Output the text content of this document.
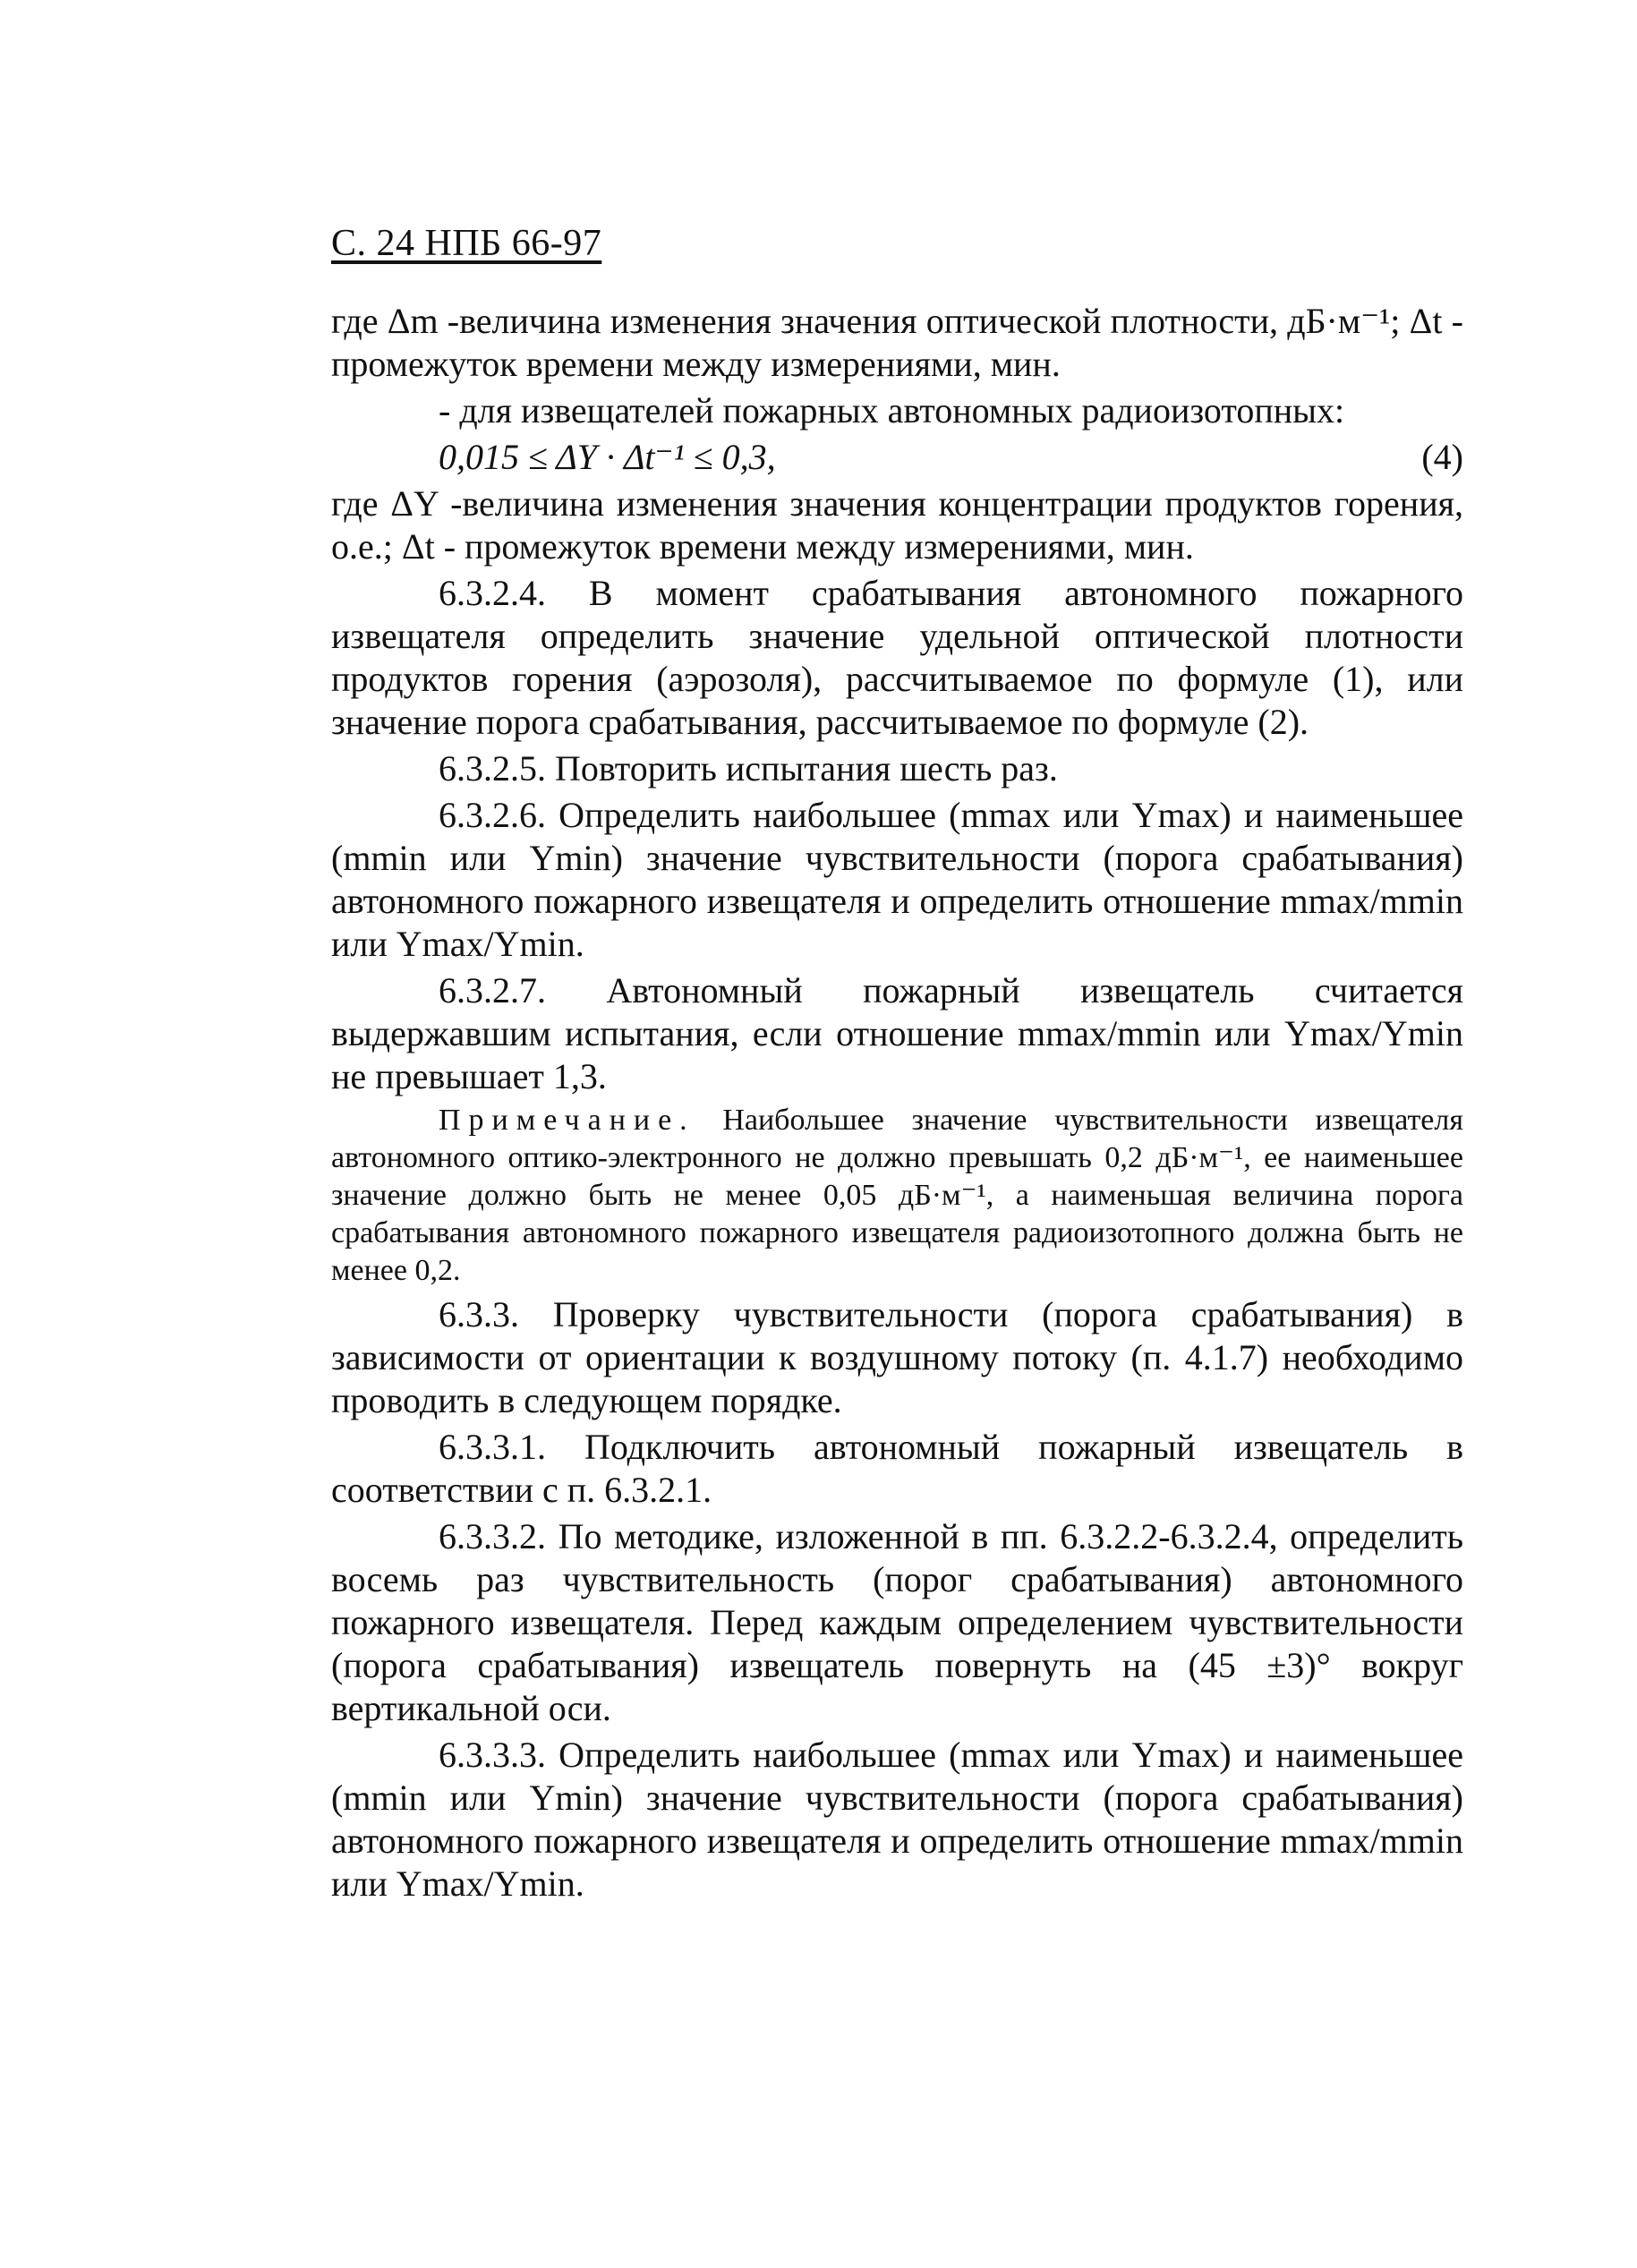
С. 24 НПБ 66-97

где Δm -величина изменения значения оптической плотности, дБ·м⁻¹; Δt - промежуток времени между измерениями, мин.

- для извещателей пожарных автономных радиоизотопных:

0,015 ≤ ΔY · Δt⁻¹ ≤ 0,3,	(4)

где ΔY -величина изменения значения концентрации продуктов горения, о.е.; Δt - промежуток времени между измерениями, мин.

6.3.2.4. В момент срабатывания автономного пожарного извещателя определить значение удельной оптической плотности продуктов горения (аэрозоля), рассчитываемое по формуле (1), или значение порога срабатывания, рассчитываемое по формуле (2).

6.3.2.5. Повторить испытания шесть раз.

6.3.2.6. Определить наибольшее (mmax или Ymax) и наименьшее (mmin или Ymin) значение чувствительности (порога срабатывания) автономного пожарного извещателя и определить отношение mmax/mmin или Ymax/Ymin.

6.3.2.7. Автономный пожарный извещатель считается выдержавшим испытания, если отношение mmax/mmin или Ymax/Ymin не превышает 1,3.

Примечание. Наибольшее значение чувствительности извещателя автономного оптико-электронного не должно превышать 0,2 дБ·м⁻¹, ее наименьшее значение должно быть не менее 0,05 дБ·м⁻¹, а наименьшая величина порога срабатывания автономного пожарного извещателя радиоизотопного должна быть не менее 0,2.

6.3.3. Проверку чувствительности (порога срабатывания) в зависимости от ориентации к воздушному потоку (п. 4.1.7) необходимо проводить в следующем порядке.

6.3.3.1. Подключить автономный пожарный извещатель в соответствии с п. 6.3.2.1.

6.3.3.2. По методике, изложенной в пп. 6.3.2.2-6.3.2.4, определить восемь раз чувствительность (порог срабатывания) автономного пожарного извещателя. Перед каждым определением чувствительности (порога срабатывания) извещатель повернуть на (45 ±3)° вокруг вертикальной оси.

6.3.3.3. Определить наибольшее (mmax или Ymax) и наименьшее (mmin или Ymin) значение чувствительности (порога срабатывания) автономного пожарного извещателя и определить отношение mmax/mmin или Ymax/Ymin.
